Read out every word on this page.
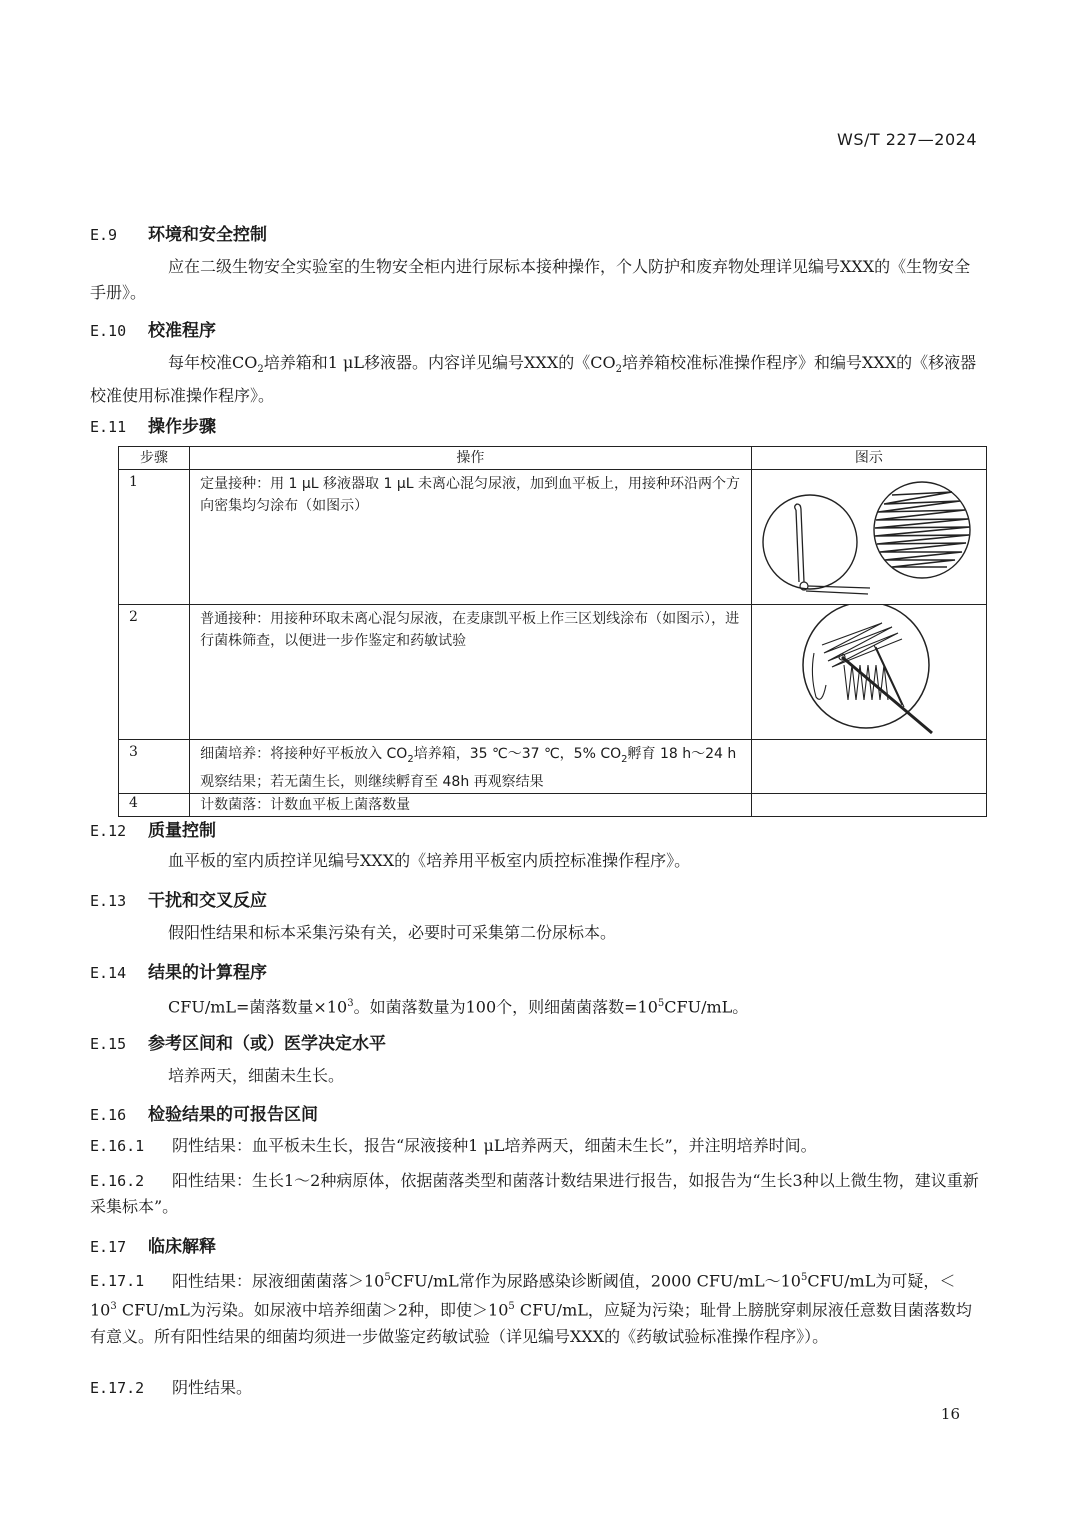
WS/T 227—2024
E.9 环境和安全控制
应在二级生物安全实验室的生物安全柜内进行尿标本接种操作，个人防护和废弃物处理详见编号XXX的《生物安全手册》。
E.10 校准程序
每年校准$CO_2$培养箱和1 μL移液器。内容详见编号XXX的《$CO_2$培养箱校准标准操作程序》和编号XXX的《移液器校准使用标准操作程序》。
E.11 操作步骤
步骤	操作	图示
1	定量接种：用 1 μL 移液器取 1 μL 未离心混匀尿液，加到血平板上，用接种环沿两个方向密集均匀涂布（如图示）	
2	普通接种：用接种环取未离心混匀尿液，在麦康凯平板上作三区划线涂布（如图示），进行菌株筛查，以便进一步作鉴定和药敏试验	
3	细菌培养：将接种好平板放入 $CO_2$培养箱，35 ℃～37 ℃，5% $CO_2$孵育 18 h～24 h 观察结果；若无菌生长，则继续孵育至 48h 再观察结果	
4	计数菌落：计数血平板上菌落数量	
E.12 质量控制
血平板的室内质控详见编号XXX的《培养用平板室内质控标准操作程序》。
E.13 干扰和交叉反应
假阳性结果和标本采集污染有关，必要时可采集第二份尿标本。
E.14 结果的计算程序
CFU/mL=菌落数量$\times 10^3$。如菌落数量为100个，则细菌菌落数$=10^5CFU/mL$。
E.15 参考区间和（或）医学决定水平
培养两天，细菌未生长。
E.16 检验结果的可报告区间
E.16.1 阴性结果：血平板未生长，报告“尿液接种1 μL培养两天，细菌未生长”，并注明培养时间。
E.16.2 阳性结果：生长1～2种病原体，依据菌落类型和菌落计数结果进行报告，如报告为“生长3种以上微生物，建议重新采集标本”。
E.17 临床解释
E.17.1 阳性结果：尿液细菌菌落$>10^5CFU/mL$常作为尿路感染诊断阈值，2000 CFU/$mL\sim 10^5CFU/mL$为可疑，$<10^3$ CFU/mL为污染。如尿液中培养细菌＞2种，即使$>10^5$ CFU/mL，应疑为污染；耻骨上膀胱穿刺尿液任意数目菌落数均有意义。所有阳性结果的细菌均须进一步做鉴定药敏试验（详见编号XXX的《药敏试验标准操作程序》）。
E.17.2 阴性结果。
16
